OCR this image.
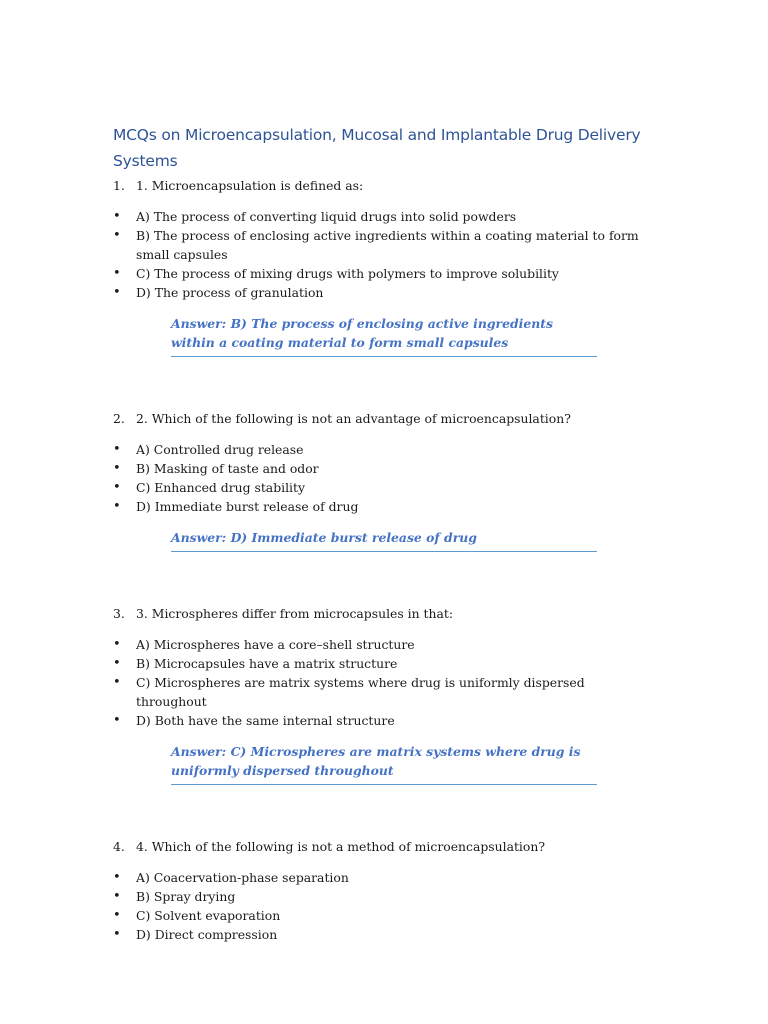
MCQs on Microencapsulation, Mucosal and Implantable Drug Delivery Systems

1. 1. Microencapsulation is defined as:

• A) The process of converting liquid drugs into solid powders
• B) The process of enclosing active ingredients within a coating material to form small capsules
• C) The process of mixing drugs with polymers to improve solubility
• D) The process of granulation
Answer: B) The process of enclosing active ingredients within a coating material to form small capsules

2. 2. Which of the following is not an advantage of microencapsulation?

• A) Controlled drug release
• B) Masking of taste and odor
• C) Enhanced drug stability
• D) Immediate burst release of drug
Answer: D) Immediate burst release of drug

3. 3. Microspheres differ from microcapsules in that:

• A) Microspheres have a core–shell structure
• B) Microcapsules have a matrix structure
• C) Microspheres are matrix systems where drug is uniformly dispersed throughout
• D) Both have the same internal structure
Answer: C) Microspheres are matrix systems where drug is uniformly dispersed throughout

4. 4. Which of the following is not a method of microencapsulation?

• A) Coacervation-phase separation
• B) Spray drying
• C) Solvent evaporation
• D) Direct compression
